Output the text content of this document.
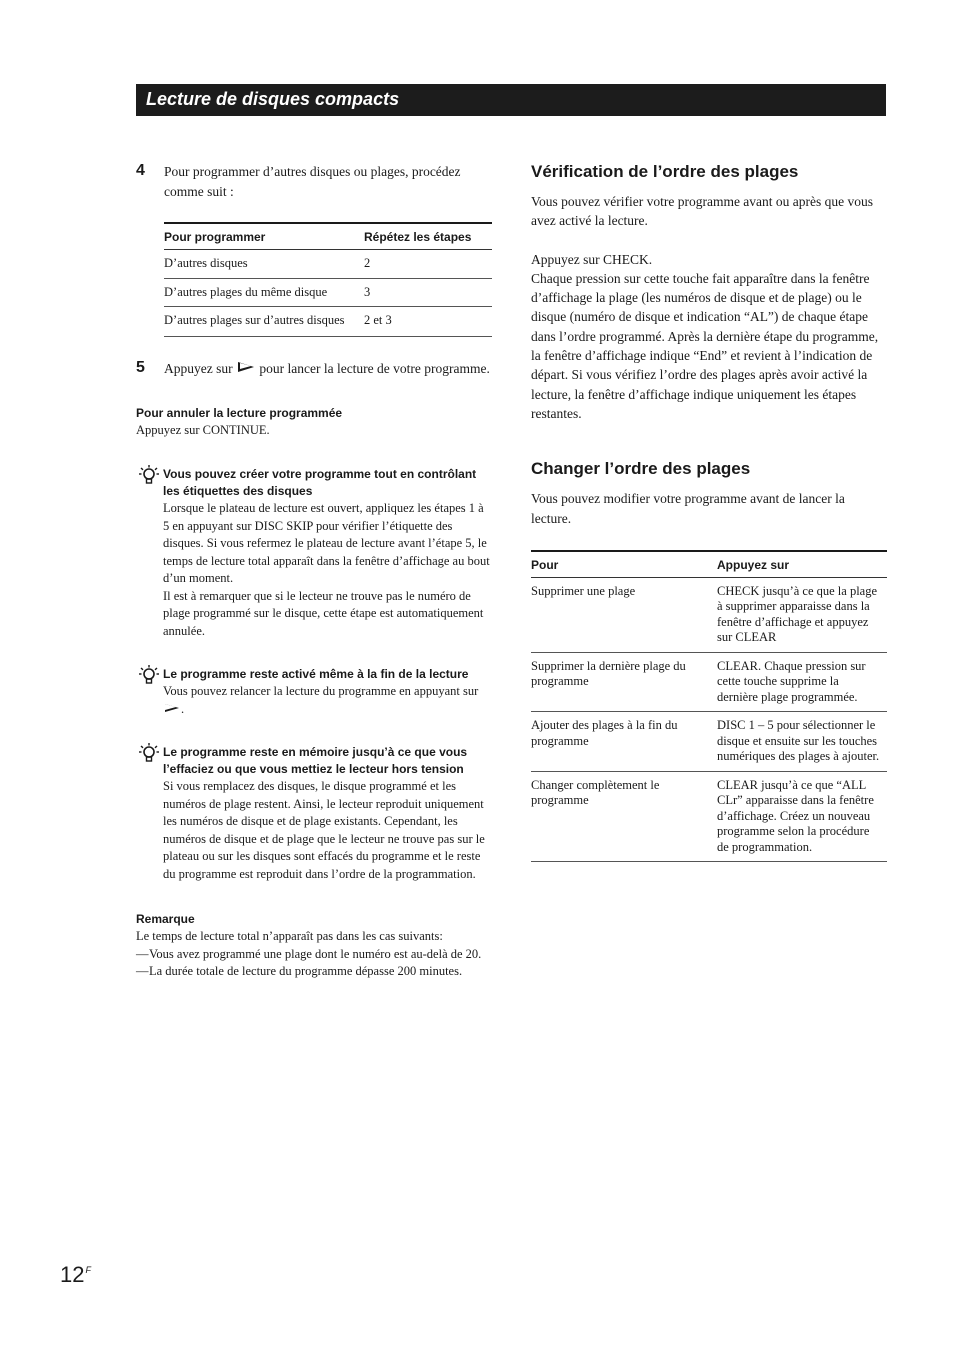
Lecture de disques compacts
4 Pour programmer d’autres disques ou plages, procédez comme suit :
Pour programmer	Répétez les étapes
D’autres disques	2
D’autres plages du même disque	3
D’autres plages sur d’autres disques	2 et 3
5 Appuyez sur pour lancer la lecture de votre programme.
Pour annuler la lecture programmée
Appuyez sur CONTINUE.
Vous pouvez créer votre programme tout en contrôlant les étiquettes des disques
Lorsque le plateau de lecture est ouvert, appliquez les étapes 1 à 5 en appuyant sur DISC SKIP pour vérifier l’étiquette des disques. Si vous refermez le plateau de lecture avant l’étape 5, le temps de lecture total apparaît dans la fenêtre d’affichage au bout d’un moment.
Il est à remarquer que si le lecteur ne trouve pas le numéro de plage programmé sur le disque, cette étape est automatiquement annulée.
Le programme reste activé même à la fin de la lecture
Vous pouvez relancer la lecture du programme en appuyant sur .
Le programme reste en mémoire jusqu’à ce que vous l’effaciez ou que vous mettiez le lecteur hors tension
Si vous remplacez des disques, le disque programmé et les numéros de plage restent. Ainsi, le lecteur reproduit uniquement les numéros de disque et de plage existants. Cependant, les numéros de disque et de plage que le lecteur ne trouve pas sur le plateau ou sur les disques sont effacés du programme et le reste du programme est reproduit dans l’ordre de la programmation.
Remarque
Le temps de lecture total n’apparaît pas dans les cas suivants:
— Vous avez programmé une plage dont le numéro est au-delà de 20.
— La durée totale de lecture du programme dépasse 200 minutes.
Vérification de l’ordre des plages
Vous pouvez vérifier votre programme avant ou après que vous avez activé la lecture.
Appuyez sur CHECK.
Chaque pression sur cette touche fait apparaître dans la fenêtre d’affichage la plage (les numéros de disque et de plage) ou le disque (numéro de disque et indication “AL”) de chaque étape dans l’ordre programmé. Après la dernière étape du programme, la fenêtre d’affichage indique “End” et revient à l’indication de départ. Si vous vérifiez l’ordre des plages après avoir activé la lecture, la fenêtre d’affichage indique uniquement les étapes restantes.
Changer l’ordre des plages
Vous pouvez modifier votre programme avant de lancer la lecture.
Pour	Appuyez sur
Supprimer une plage	CHECK jusqu’à ce que la plage à supprimer apparaisse dans la fenêtre d’affichage et appuyez sur CLEAR
Supprimer la dernière plage du programme	CLEAR. Chaque pression sur cette touche supprime la dernière plage programmée.
Ajouter des plages à la fin du programme	DISC 1 – 5 pour sélectionner le disque et ensuite sur les touches numériques des plages à ajouter.
Changer complètement le programme	CLEAR jusqu’à ce que “ALL CLr” apparaisse dans la fenêtre d’affichage. Créez un nouveau programme selon la procédure de programmation.
$12^F$
